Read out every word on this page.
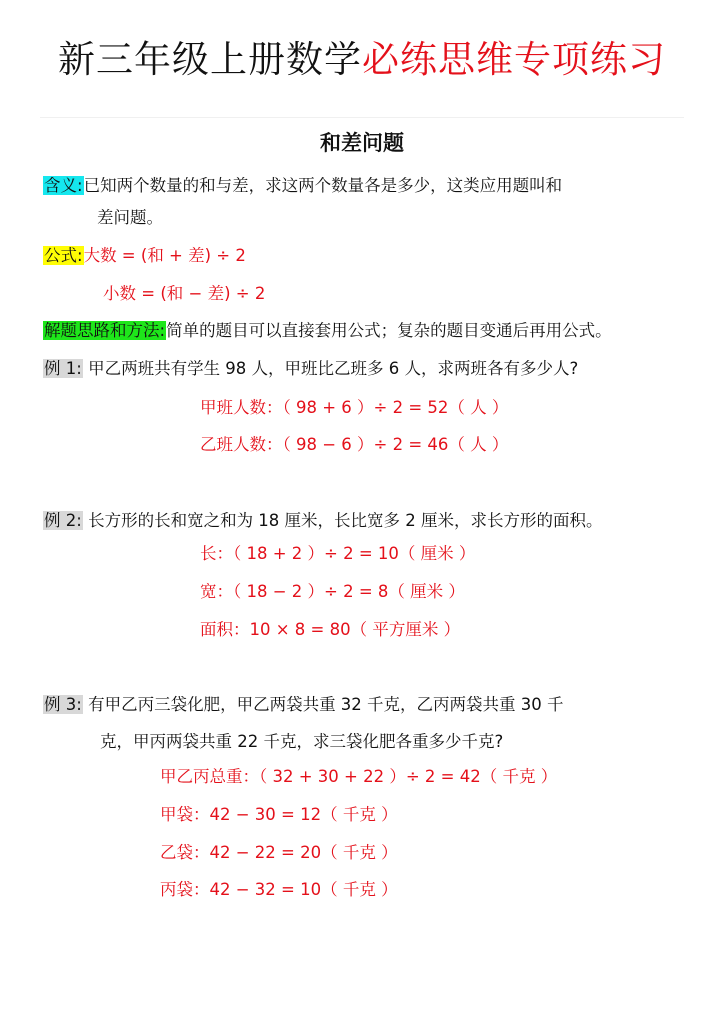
新三年级上册数学必练思维专项练习
和差问题
含义:已知两个数量的和与差，求这两个数量各是多少，这类应用题叫和
差问题。
公式:大数 = (和 + 差) ÷ 2
小数 = (和 − 差) ÷ 2
解题思路和方法:简单的题目可以直接套用公式；复杂的题目变通后再用公式。
例 1: 甲乙两班共有学生 98 人，甲班比乙班多 6 人，求两班各有多少人?
甲班人数：（ 98 + 6 ）÷ 2 = 52（ 人 ）
乙班人数：（ 98 − 6 ）÷ 2 = 46（ 人 ）
例 2: 长方形的长和宽之和为 18 厘米，长比宽多 2 厘米，求长方形的面积。
长：（ 18 + 2 ）÷ 2 = 10（ 厘米 ）
宽：（ 18 − 2 ）÷ 2 = 8（ 厘米 ）
面积：10 × 8 = 80（ 平方厘米 ）
例 3: 有甲乙丙三袋化肥，甲乙两袋共重 32 千克，乙丙两袋共重 30 千
克，甲丙两袋共重 22 千克，求三袋化肥各重多少千克?
甲乙丙总重：（ 32 + 30 + 22 ）÷ 2 = 42（ 千克 ）
甲袋：42 − 30 = 12（ 千克 ）
乙袋：42 − 22 = 20（ 千克 ）
丙袋：42 − 32 = 10（ 千克 ）
